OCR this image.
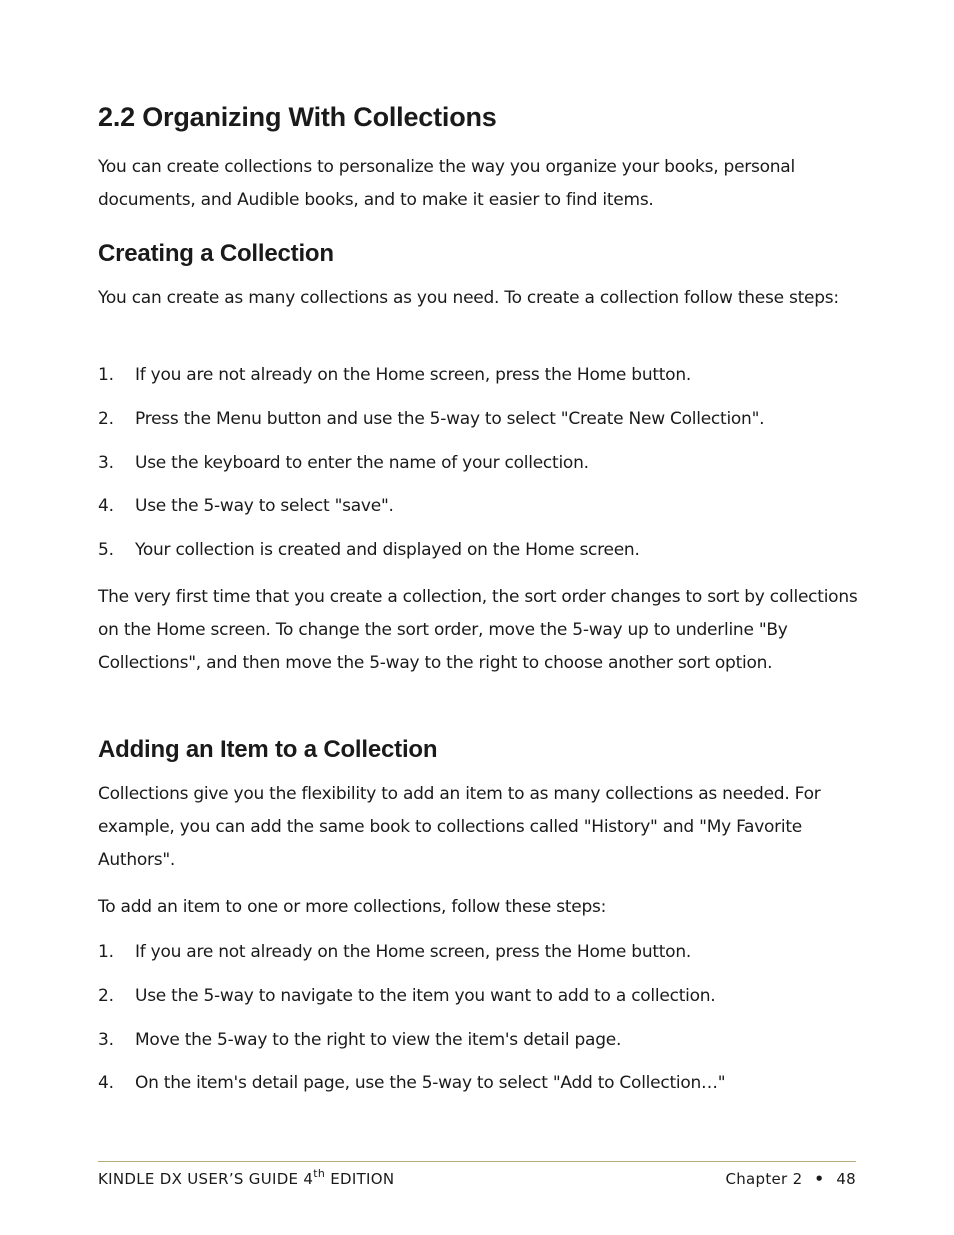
2.2 Organizing With Collections

You can create collections to personalize the way you organize your books, personal documents, and Audible books, and to make it easier to find items.

Creating a Collection

You can create as many collections as you need. To create a collection follow these steps:

1. If you are not already on the Home screen, press the Home button.
2. Press the Menu button and use the 5-way to select "Create New Collection".
3. Use the keyboard to enter the name of your collection.
4. Use the 5-way to select "save".
5. Your collection is created and displayed on the Home screen.

The very first time that you create a collection, the sort order changes to sort by collections on the Home screen. To change the sort order, move the 5-way up to underline "By Collections", and then move the 5-way to the right to choose another sort option.

Adding an Item to a Collection

Collections give you the flexibility to add an item to as many collections as needed. For example, you can add the same book to collections called "History" and "My Favorite Authors".

To add an item to one or more collections, follow these steps:

1. If you are not already on the Home screen, press the Home button.
2. Use the 5-way to navigate to the item you want to add to a collection.
3. Move the 5-way to the right to view the item's detail page.
4. On the item's detail page, use the 5-way to select "Add to Collection…"
KINDLE DX USER’S GUIDE 4th EDITION	Chapter 2 • 48
